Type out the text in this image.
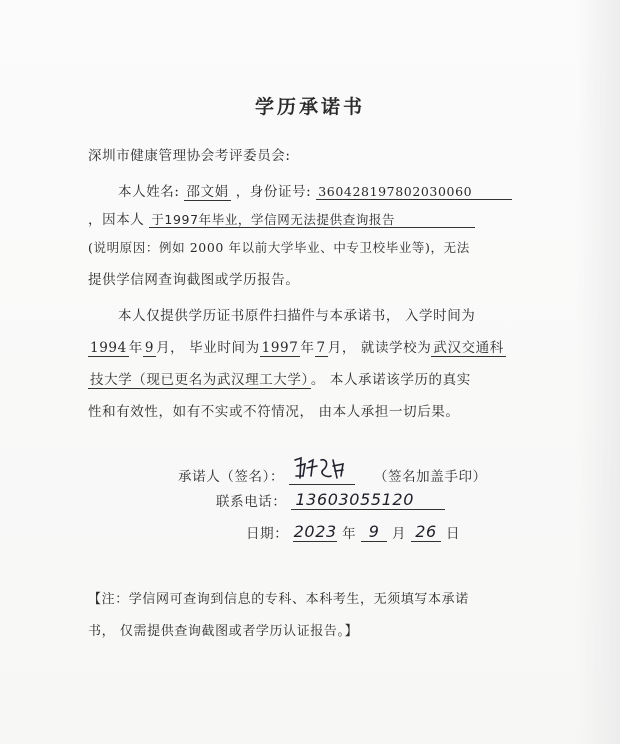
学历承诺书
深圳市健康管理协会考评委员会:
本人姓名: 邵文娟 ，身份证号: 360428197802030060
，因本人 于1997年毕业，学信网无法提供查询报告
(说明原因：例如 2000 年以前大学毕业、中专卫校毕业等)，无法
提供学信网查询截图或学历报告。
本人仅提供学历证书原件扫描件与本承诺书， 入学时间为
1994 年 9 月， 毕业时间为 1997 年 7 月， 就读学校为 武汉交通科
技大学（现已更名为武汉理工大学） 。 本人承诺该学历的真实
性和有效性，如有不实或不符情况， 由本人承担一切后果。
承诺人（签名）：	（签名加盖手印）
联系电话： 13603055120
日期： 2023 年 9 月 26 日
【注：学信网可查询到信息的专科、本科考生，无须填写本承诺
书， 仅需提供查询截图或者学历认证报告。】
